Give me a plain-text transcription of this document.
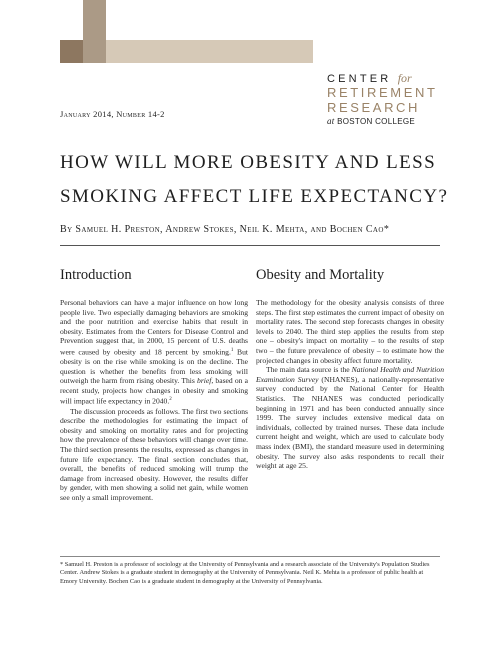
CENTER for
RETIREMENT
RESEARCH
at BOSTON COLLEGE
January 2014, Number 14-2
HOW WILL MORE OBESITY AND LESS SMOKING AFFECT LIFE EXPECTANCY?
By Samuel H. Preston, Andrew Stokes, Neil K. Mehta, and Bochen Cao*
Introduction

Personal behaviors can have a major influence on how long people live. Two especially damaging behaviors are smoking and the poor nutrition and exercise habits that result in obesity. Estimates from the Centers for Disease Control and Prevention suggest that, in 2000, 15 percent of U.S. deaths were caused by obesity and 18 percent by smoking.$^1$ But obesity is on the rise while smoking is on the decline. The question is whether the benefits from less smoking will outweigh the harm from rising obesity. This brief, based on a recent study, projects how changes in obesity and smoking will impact life expectancy in 2040.$^2$

The discussion proceeds as follows. The first two sections describe the methodologies for estimating the impact of obesity and smoking on mortality rates and for projecting how the prevalence of these behaviors will change over time. The third section presents the results, expressed as changes in future life expectancy. The final section concludes that, overall, the benefits of reduced smoking will trump the damage from increased obesity. However, the results differ by gender, with men showing a solid net gain, while women see only a small improvement.

Obesity and Mortality

The methodology for the obesity analysis consists of three steps. The first step estimates the current impact of obesity on mortality rates. The second step forecasts changes in obesity levels to 2040. The third step applies the results from step one – obesity's impact on mortality – to the results of step two – the future prevalence of obesity – to estimate how the projected changes in obesity affect future mortality.

The main data source is the National Health and Nutrition Examination Survey (NHANES), a nationally-representative survey conducted by the National Center for Health Statistics. The NHANES was conducted periodically beginning in 1971 and has been conducted annually since 1999. The survey includes extensive medical data on individuals, collected by trained nurses. These data include current height and weight, which are used to calculate body mass index (BMI), the standard measure used in determining obesity. The survey also asks respondents to recall their weight at age 25.

* Samuel H. Preston is a professor of sociology at the University of Pennsylvania and a research associate of the University's Population Studies Center. Andrew Stokes is a graduate student in demography at the University of Pennsylvania. Neil K. Mehta is a professor of public health at Emory University. Bochen Cao is a graduate student in demography at the University of Pennsylvania.
